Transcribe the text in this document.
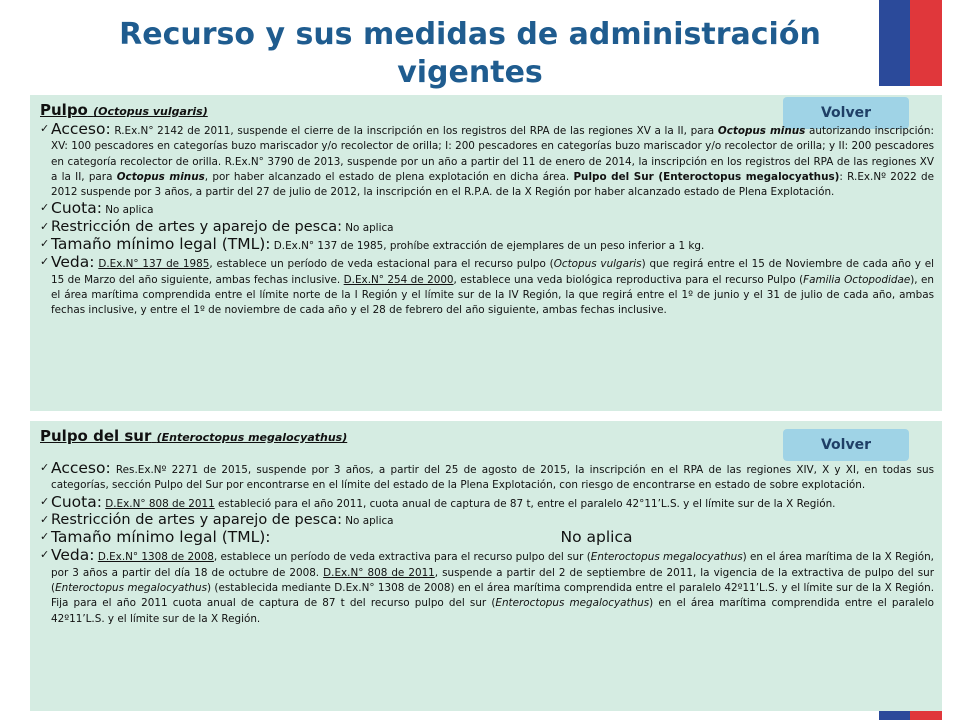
Recurso y sus medidas de administración vigentes
Volver
Pulpo (Octopus vulgaris)
✓ Acceso: R.Ex.N° 2142 de 2011, suspende el cierre de la inscripción en los registros del RPA de las regiones XV a la II, para Octopus minus autorizando inscripción: XV: 100 pescadores en categorías buzo mariscador y/o recolector de orilla; I: 200 pescadores en categorías buzo mariscador y/o recolector de orilla; y II: 200 pescadores en categoría recolector de orilla. R.Ex.N° 3790 de 2013, suspende por un año a partir del 11 de enero de 2014, la inscripción en los registros del RPA de las regiones XV a la II, para Octopus minus, por haber alcanzado el estado de plena explotación en dicha área. Pulpo del Sur (Enteroctopus megalocyathus): R.Ex.Nº 2022 de 2012 suspende por 3 años, a partir del 27 de julio de 2012, la inscripción en el R.P.A. de la X Región por haber alcanzado estado de Plena Explotación.
✓ Cuota: No aplica
✓ Restricción de artes y aparejo de pesca: No aplica
✓ Tamaño mínimo legal (TML): D.Ex.N° 137 de 1985, prohíbe extracción de ejemplares de un peso inferior a 1 kg.
✓ Veda: D.Ex.N° 137 de 1985, establece un período de veda estacional para el recurso pulpo (Octopus vulgaris) que regirá entre el 15 de Noviembre de cada año y el 15 de Marzo del año siguiente, ambas fechas inclusive. D.Ex.N° 254 de 2000, establece una veda biológica reproductiva para el recurso Pulpo (Familia Octopodidae), en el área marítima comprendida entre el límite norte de la I Región y el límite sur de la IV Región, la que regirá entre el 1º de junio y el 31 de julio de cada año, ambas fechas inclusive, y entre el 1º de noviembre de cada año y el 28 de febrero del año siguiente, ambas fechas inclusive.
Volver
Pulpo del sur (Enteroctopus megalocyathus)
✓ Acceso: Res.Ex.Nº 2271 de 2015, suspende por 3 años, a partir del 25 de agosto de 2015, la inscripción en el RPA de las regiones XIV, X y XI, en todas sus categorías, sección Pulpo del Sur por encontrarse en el límite del estado de la Plena Explotación, con riesgo de encontrarse en estado de sobre explotación.
✓ Cuota: D.Ex.N° 808 de 2011 estableció para el año 2011, cuota anual de captura de 87 t, entre el paralelo 42°11’L.S. y el límite sur de la X Región.
✓ Restricción de artes y aparejo de pesca: No aplica
✓ Tamaño mínimo legal (TML):	No aplica
✓ Veda: D.Ex.N° 1308 de 2008, establece un período de veda extractiva para el recurso pulpo del sur (Enteroctopus megalocyathus) en el área marítima de la X Región, por 3 años a partir del día 18 de octubre de 2008. D.Ex.N° 808 de 2011, suspende a partir del 2 de septiembre de 2011, la vigencia de la extractiva de pulpo del sur (Enteroctopus megalocyathus) (establecida mediante D.Ex.N° 1308 de 2008) en el área marítima comprendida entre el paralelo 42º11’L.S. y el límite sur de la X Región. Fija para el año 2011 cuota anual de captura de 87 t del recurso pulpo del sur (Enteroctopus megalocyathus) en el área marítima comprendida entre el paralelo 42º11’L.S. y el límite sur de la X Región.
